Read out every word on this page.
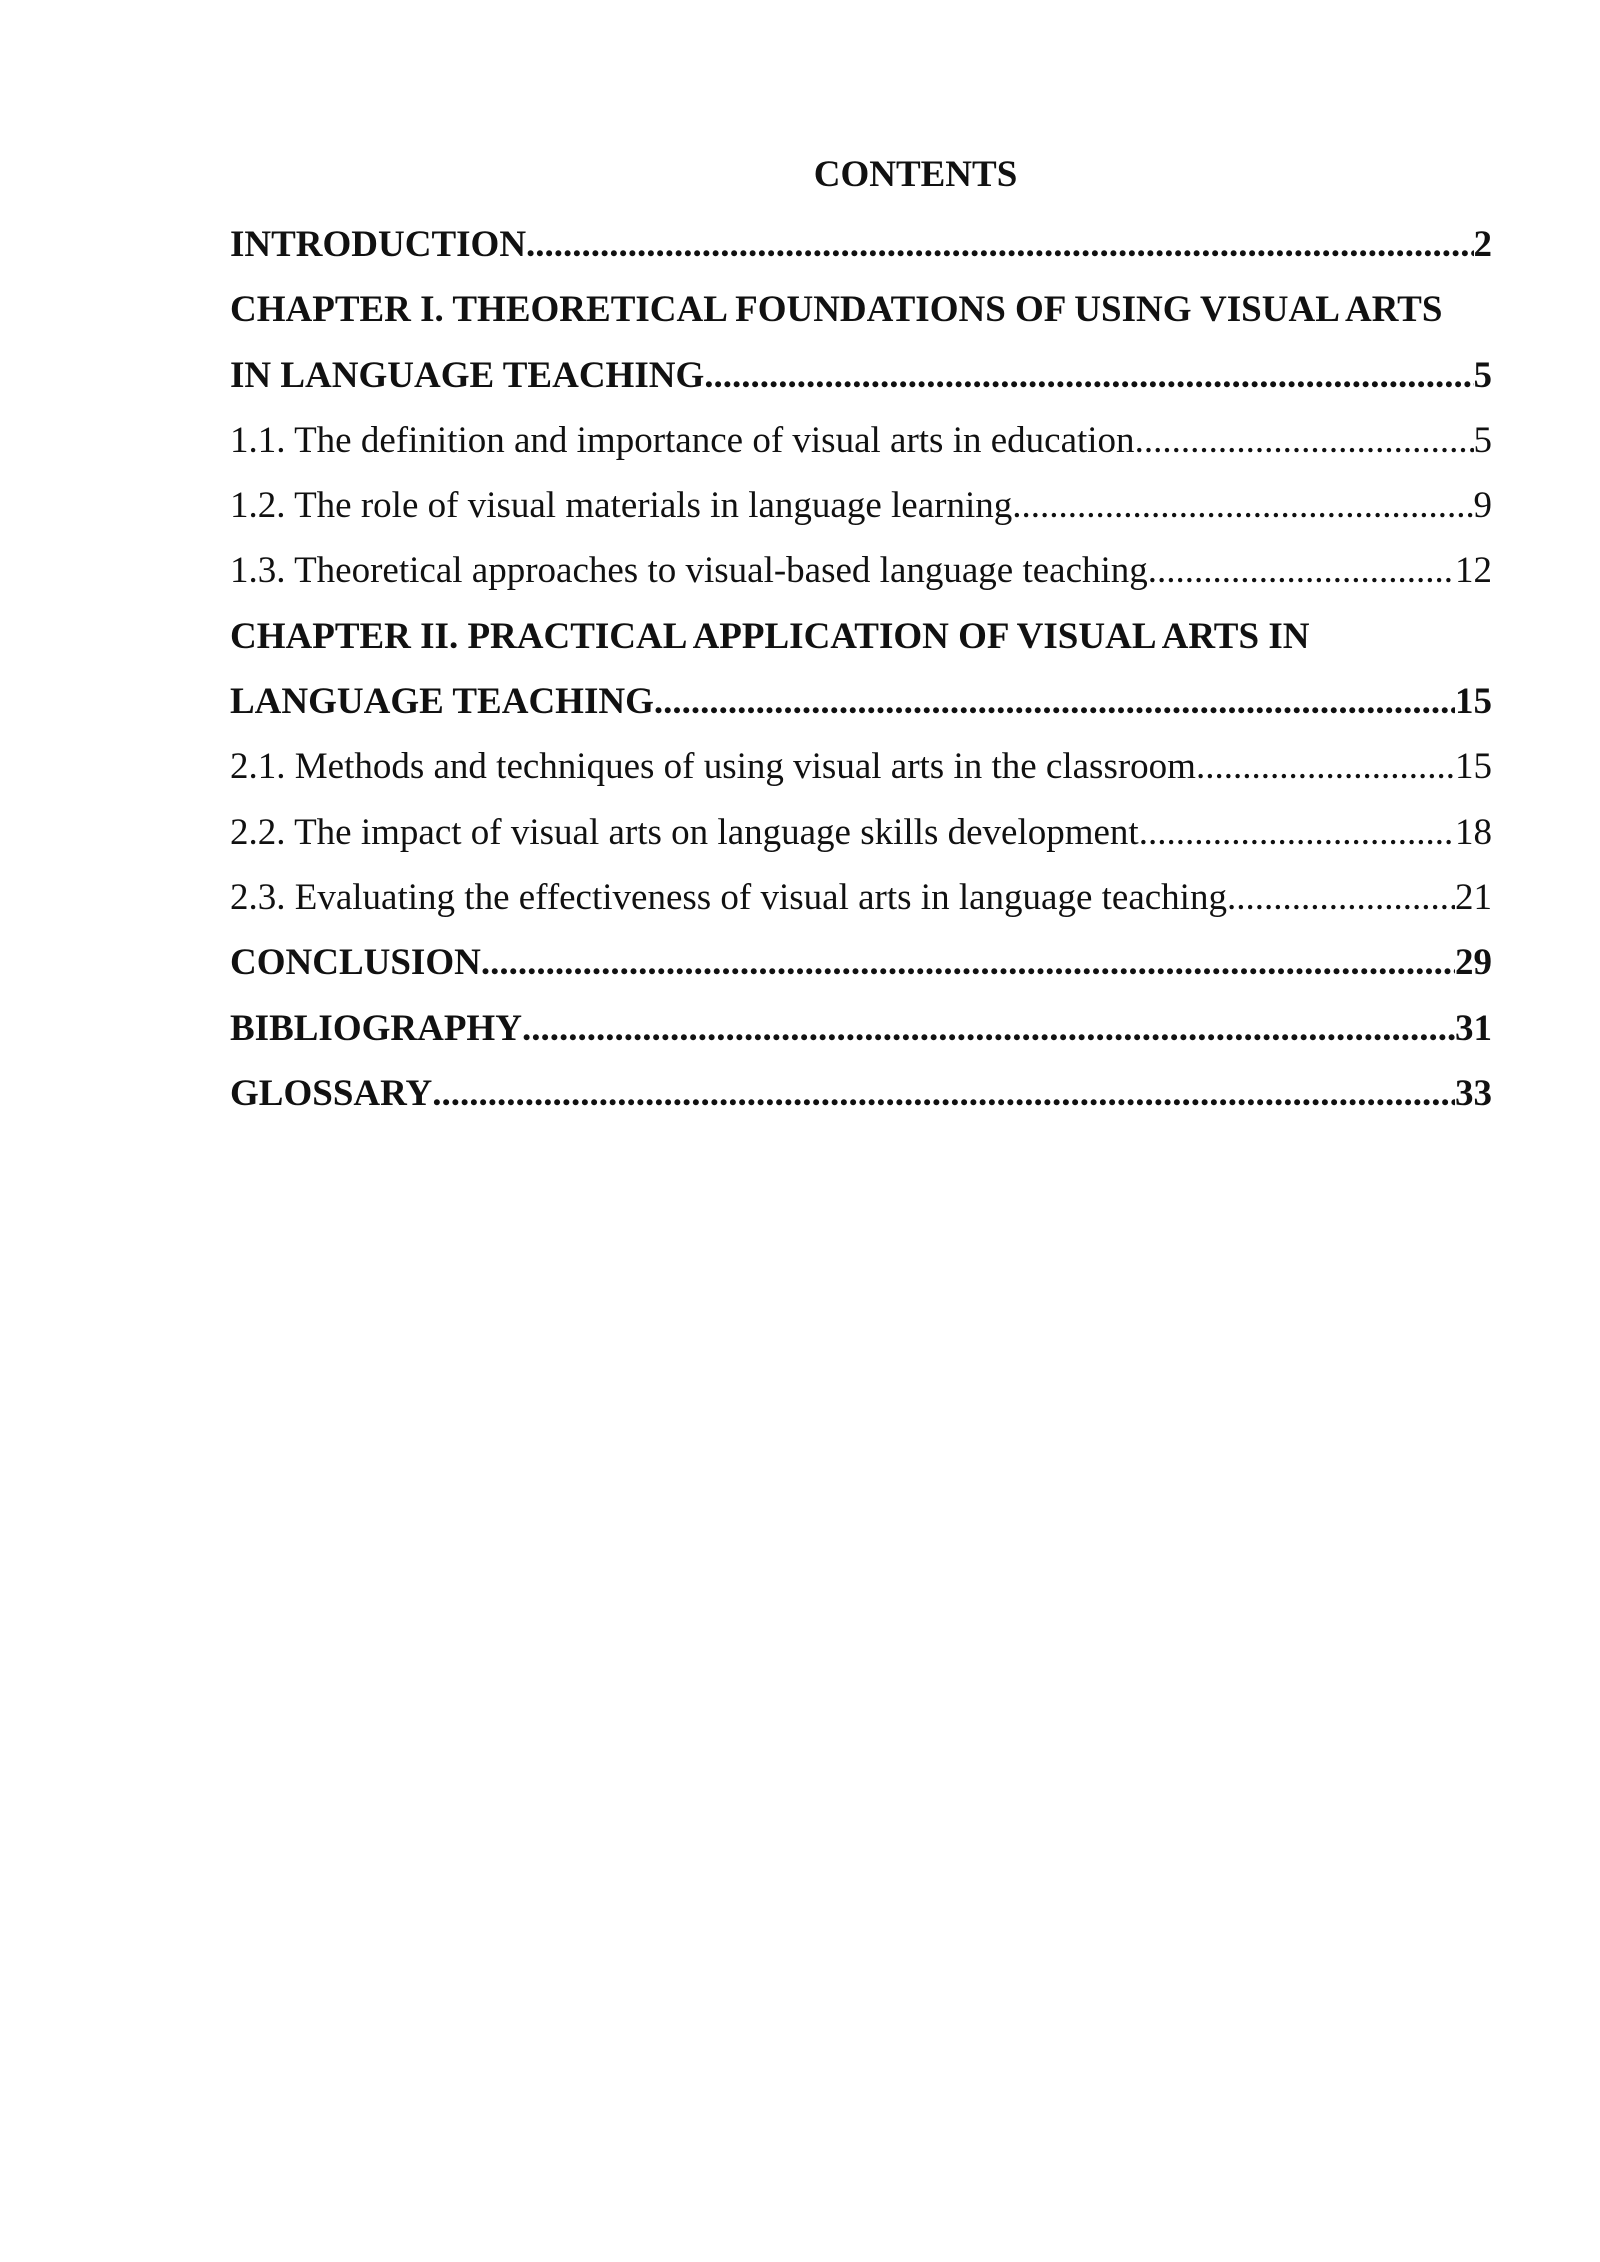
CONTENTS
INTRODUCTION .....	2
CHAPTER I. THEORETICAL FOUNDATIONS OF USING VISUAL ARTS
IN LANGUAGE TEACHING .....	5
1.1. The definition and importance of visual arts in education .....	5
1.2. The role of visual materials in language learning .....	9
1.3. Theoretical approaches to visual-based language teaching .....	12
CHAPTER II. PRACTICAL APPLICATION OF VISUAL ARTS IN
LANGUAGE TEACHING .....	15
2.1. Methods and techniques of using visual arts in the classroom .....	15
2.2. The impact of visual arts on language skills development .....	18
2.3. Evaluating the effectiveness of visual arts in language teaching .....	21
CONCLUSION .....	29
BIBLIOGRAPHY .....	31
GLOSSARY .....	33
